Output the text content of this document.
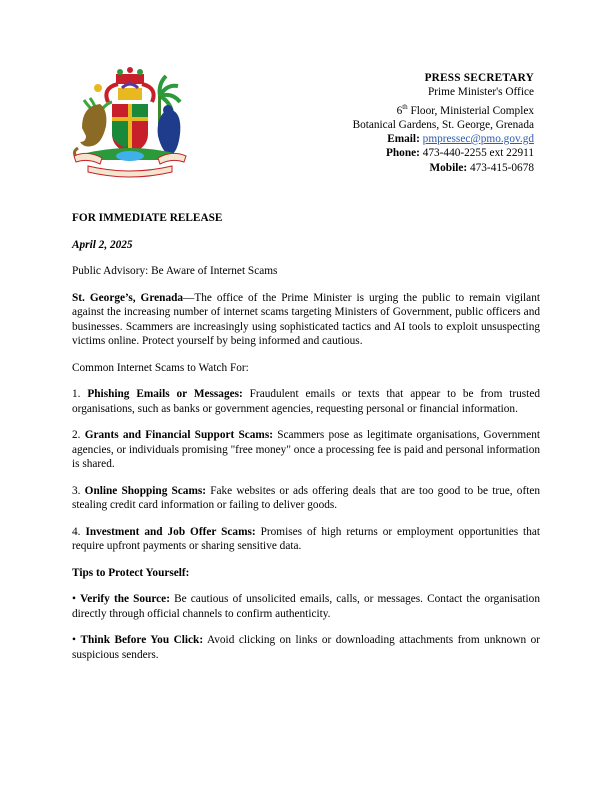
PRESS SECRETARY
Prime Minister's Office
6th Floor, Ministerial Complex
Botanical Gardens, St. George, Grenada
Email: pmpressec@pmo.gov.gd
Phone: 473-440-2255 ext 22911
Mobile: 473-415-0678

FOR IMMEDIATE RELEASE

April 2, 2025

Public Advisory: Be Aware of Internet Scams

St. George’s, Grenada—The office of the Prime Minister is urging the public to remain vigilant against the increasing number of internet scams targeting Ministers of Government, public officers and businesses. Scammers are increasingly using sophisticated tactics and AI tools to exploit unsuspecting victims online. Protect yourself by being informed and cautious.

Common Internet Scams to Watch For:

1. Phishing Emails or Messages: Fraudulent emails or texts that appear to be from trusted organisations, such as banks or government agencies, requesting personal or financial information.

2. Grants and Financial Support Scams: Scammers pose as legitimate organisations, Government agencies, or individuals promising "free money" once a processing fee is paid and personal information is shared.

3. Online Shopping Scams: Fake websites or ads offering deals that are too good to be true, often stealing credit card information or failing to deliver goods.

4. Investment and Job Offer Scams: Promises of high returns or employment opportunities that require upfront payments or sharing sensitive data.

Tips to Protect Yourself:

• Verify the Source: Be cautious of unsolicited emails, calls, or messages. Contact the organisation directly through official channels to confirm authenticity.

• Think Before You Click: Avoid clicking on links or downloading attachments from unknown or suspicious senders.
